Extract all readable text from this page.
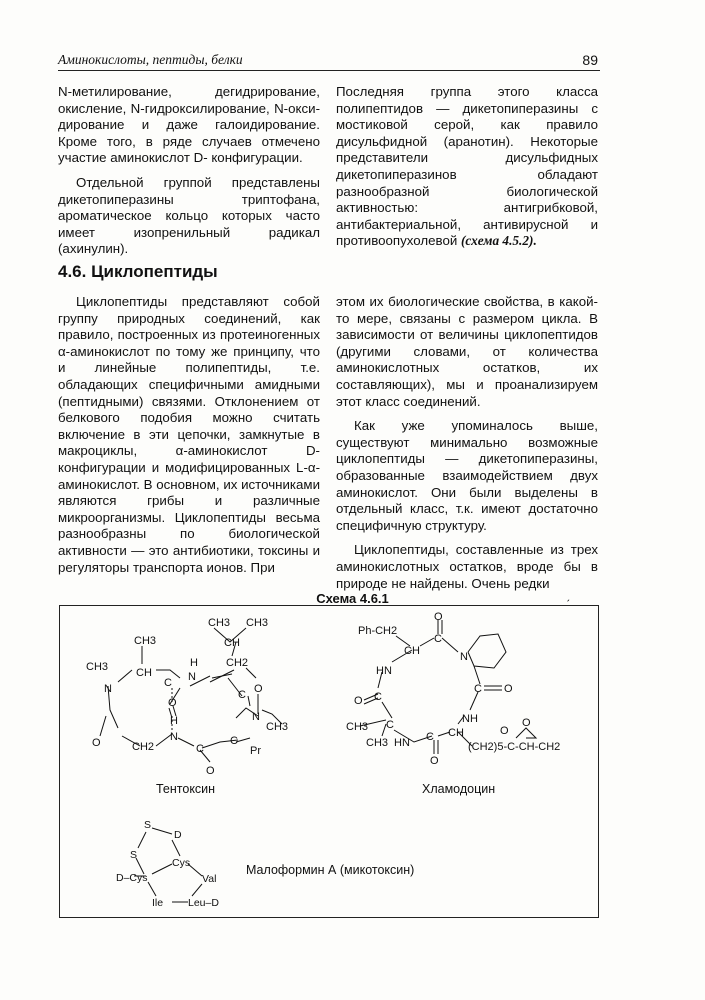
Аминокислоты, пептиды, белки	89

N-метилирование, дегидрирование, окисление, N-гидроксилирование, N-оксидирование и даже галоидирование. Кроме того, в ряде случаев отмечено участие аминокислот D- конфигурации.

Отдельной группой представлены дикетопиперазины триптофана, ароматическое кольцо которых часто имеет изопренильный радикал (ахинулин).

Последняя группа этого класса полипептидов — дикетопиперазины с мостиковой серой, как правило дисульфидной (аранотин). Некоторые представители дисульфидных дикетопиперазинов обладают разнообразной биологической активностью: антигрибковой, антибактериальной, антивирусной и противоопухолевой (схема 4.5.2).

4.6. Циклопептиды

Циклопептиды представляют собой группу природных соединений, как правило, построенных из протеиногенных α-аминокислот по тому же принципу, что и линейные полипептиды, т.е. обладающих специфичными амидными (пептидными) связями. Отклонением от белкового подобия можно считать включение в эти цепочки, замкнутые в макроциклы, α-аминокислот D-конфигурации и модифицированных L-α-аминокислот. В основном, их источниками являются грибы и различные микроорганизмы. Циклопептиды весьма разнообразны по биологической активности — это антибиотики, токсины и регуляторы транспорта ионов. При

этом их биологические свойства, в какой-то мере, связаны с размером цикла. В зависимости от величины циклопептидов (другими словами, от количества аминокислотных остатков, их составляющих), мы и проанализируем этот класс соединений.

Как уже упоминалось выше, существуют минимально возможные циклопептиды — дикетопиперазины, образованные взаимодействием двух аминокислот. Они были выделены в отдельный класс, т.к. имеют достаточно специфичную структуру.

Циклопептиды, составленные из трех аминокислотных остатков, вроде бы в природе не найдены. Очень редки

ˏ
Схема 4.6.1
CH3 CH3
CH
CH2
CH3
CH
H
N
CH3
N	C
O
C O
N
CH3
O	CH2
N
H
C
O
C
Pr
Тентоксин
Ph-CH2
CH
C
O
N
HN
C
O
C O
NH
CH3 C
CH3 HN C
O
CH
(CH2)5-C-CH-CH2
O
O
Хламодоцин
S
D
S
Cys
D–Cys	Val
Ile Leu–D
Малоформин А (микотоксин)
